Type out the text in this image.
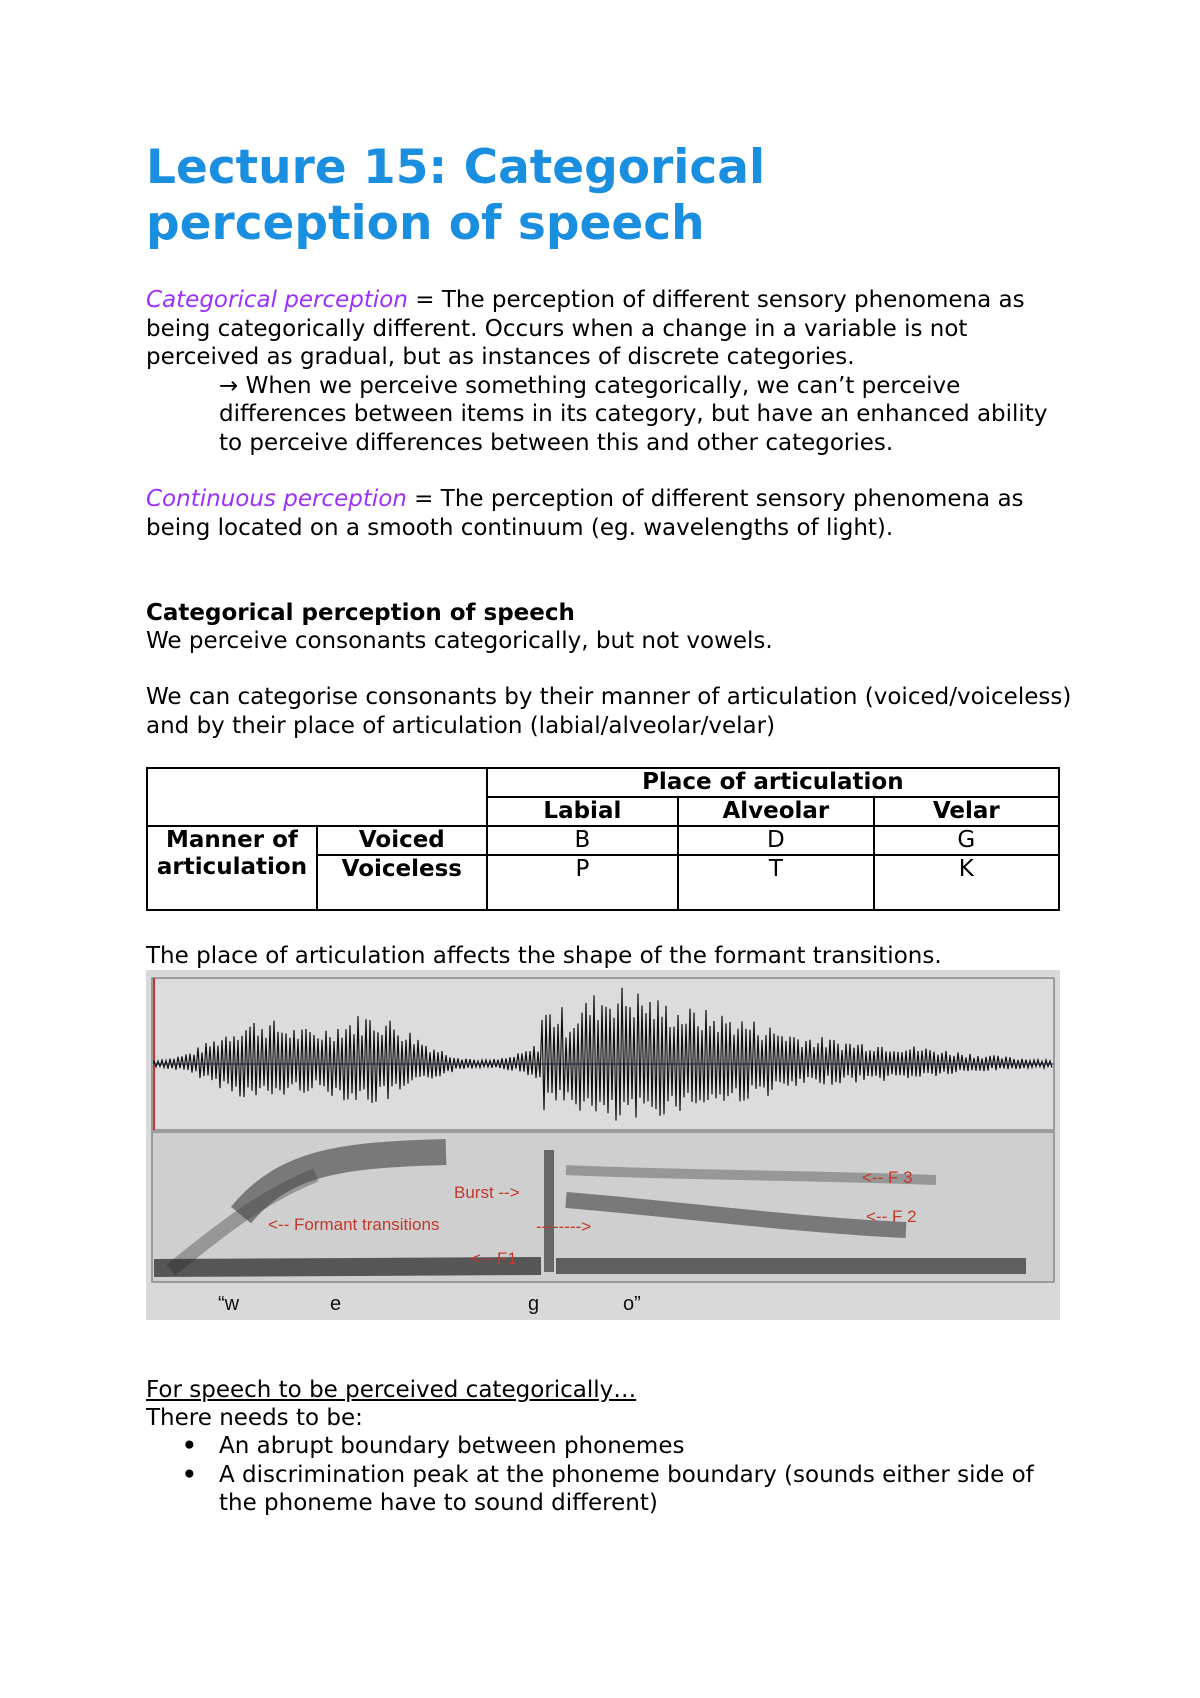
Lecture 15: Categorical
perception of speech

Categorical perception = The perception of different sensory phenomena as being categorically different. Occurs when a change in a variable is not perceived as gradual, but as instances of discrete categories.
→ When we perceive something categorically, we can’t perceive differences between items in its category, but have an enhanced ability to perceive differences between this and other categories.

Continuous perception = The perception of different sensory phenomena as being located on a smooth continuum (eg. wavelengths of light).

Categorical perception of speech

We perceive consonants categorically, but not vowels.

We can categorise consonants by their manner of articulation (voiced/voiceless) and by their place of articulation (labial/alveolar/velar)

		Place of articulation		
		Labial	Alveolar	Velar
Manner of articulation	Voiced	B	D	G
	Voiceless	P	T	K

The place of articulation affects the shape of the formant transitions.

Burst -->
<-- Formant transitions	-------->
<-- F1
<-- F 2
<-- F 3
“w	e	g	o”

For speech to be perceived categorically…

There needs to be:

• An abrupt boundary between phonemes
• A discrimination peak at the phoneme boundary (sounds either side of the phoneme have to sound different)
